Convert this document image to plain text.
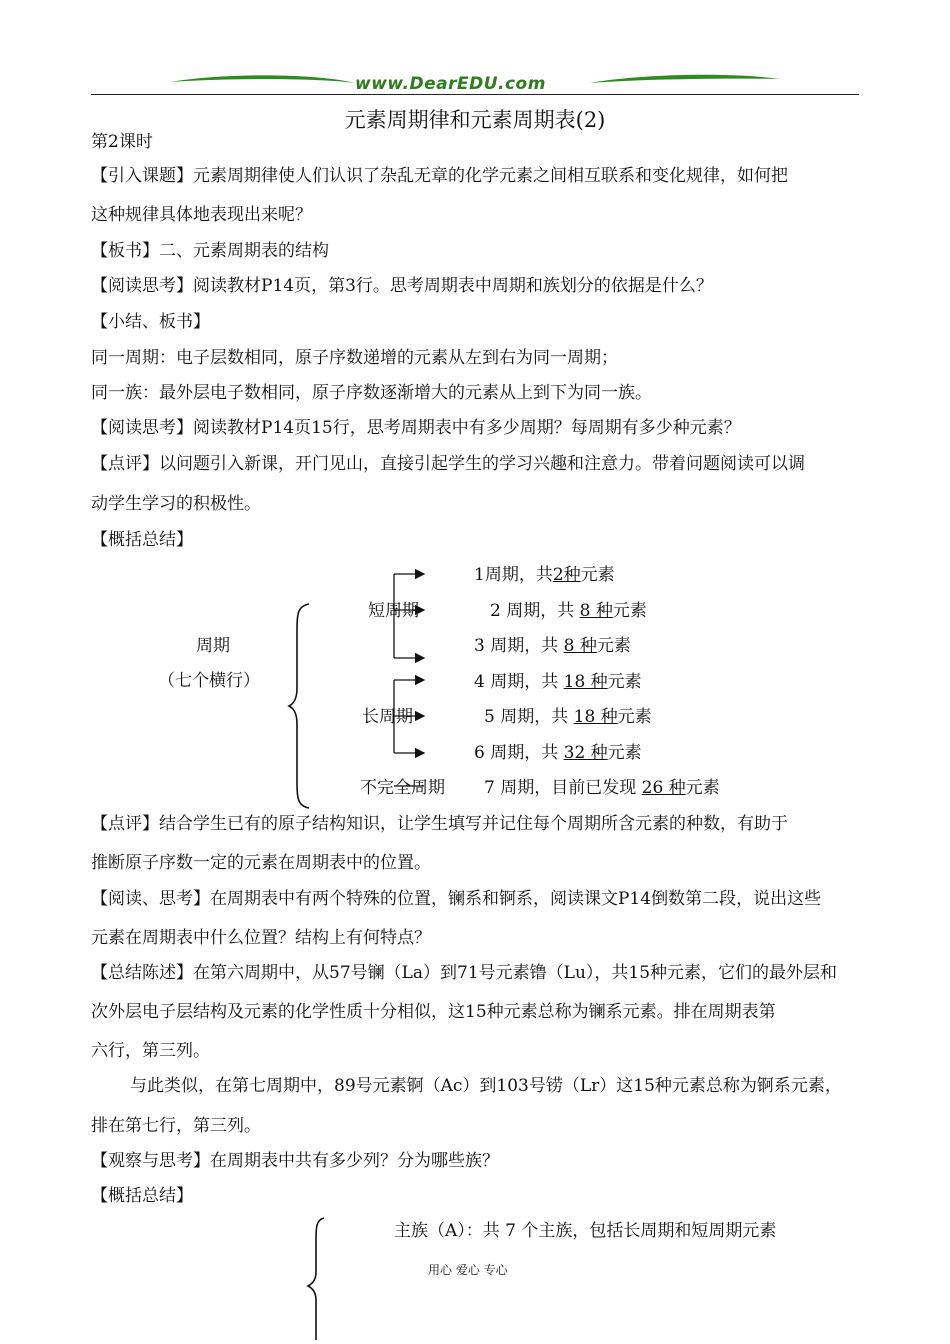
www.DearEDU.com
元素周期律和元素周期表(2)
第2课时
【引入课题】元素周期律使人们认识了杂乱无章的化学元素之间相互联系和变化规律，如何把
这种规律具体地表现出来呢？
【板书】二、元素周期表的结构
【阅读思考】阅读教材P14页，第3行。思考周期表中周期和族划分的依据是什么？
【小结、板书】
同一周期：电子层数相同，原子序数递增的元素从左到右为同一周期；
同一族：最外层电子数相同，原子序数逐渐增大的元素从上到下为同一族。
【阅读思考】阅读教材P14页15行，思考周期表中有多少周期？每周期有多少种元素？
【点评】以问题引入新课，开门见山，直接引起学生的学习兴趣和注意力。带着问题阅读可以调
动学生学习的积极性。
【概括总结】
周期
（七个横行）
短周期
长周期
不完全周期
1周期，共2种元素
2 周期，共 8 种元素
3 周期，共 8 种元素
4 周期，共 18 种元素
5 周期，共 18 种元素
6 周期，共 32 种元素
7 周期，目前已发现 26 种元素
【点评】结合学生已有的原子结构知识，让学生填写并记住每个周期所含元素的种数，有助于
推断原子序数一定的元素在周期表中的位置。
【阅读、思考】在周期表中有两个特殊的位置，镧系和锕系，阅读课文P14倒数第二段，说出这些
元素在周期表中什么位置？结构上有何特点？
【总结陈述】在第六周期中，从57号镧（La）到71号元素镥（Lu），共15种元素，它们的最外层和
次外层电子层结构及元素的化学性质十分相似，这15种元素总称为镧系元素。排在周期表第
六行，第三列。
与此类似，在第七周期中，89号元素锕（Ac）到103号铹（Lr）这15种元素总称为锕系元素，
排在第七行，第三列。
【观察与思考】在周期表中共有多少列？分为哪些族？
【概括总结】
主族（A）：共 7 个主族，包括长周期和短周期元素
用心 爱心 专心
